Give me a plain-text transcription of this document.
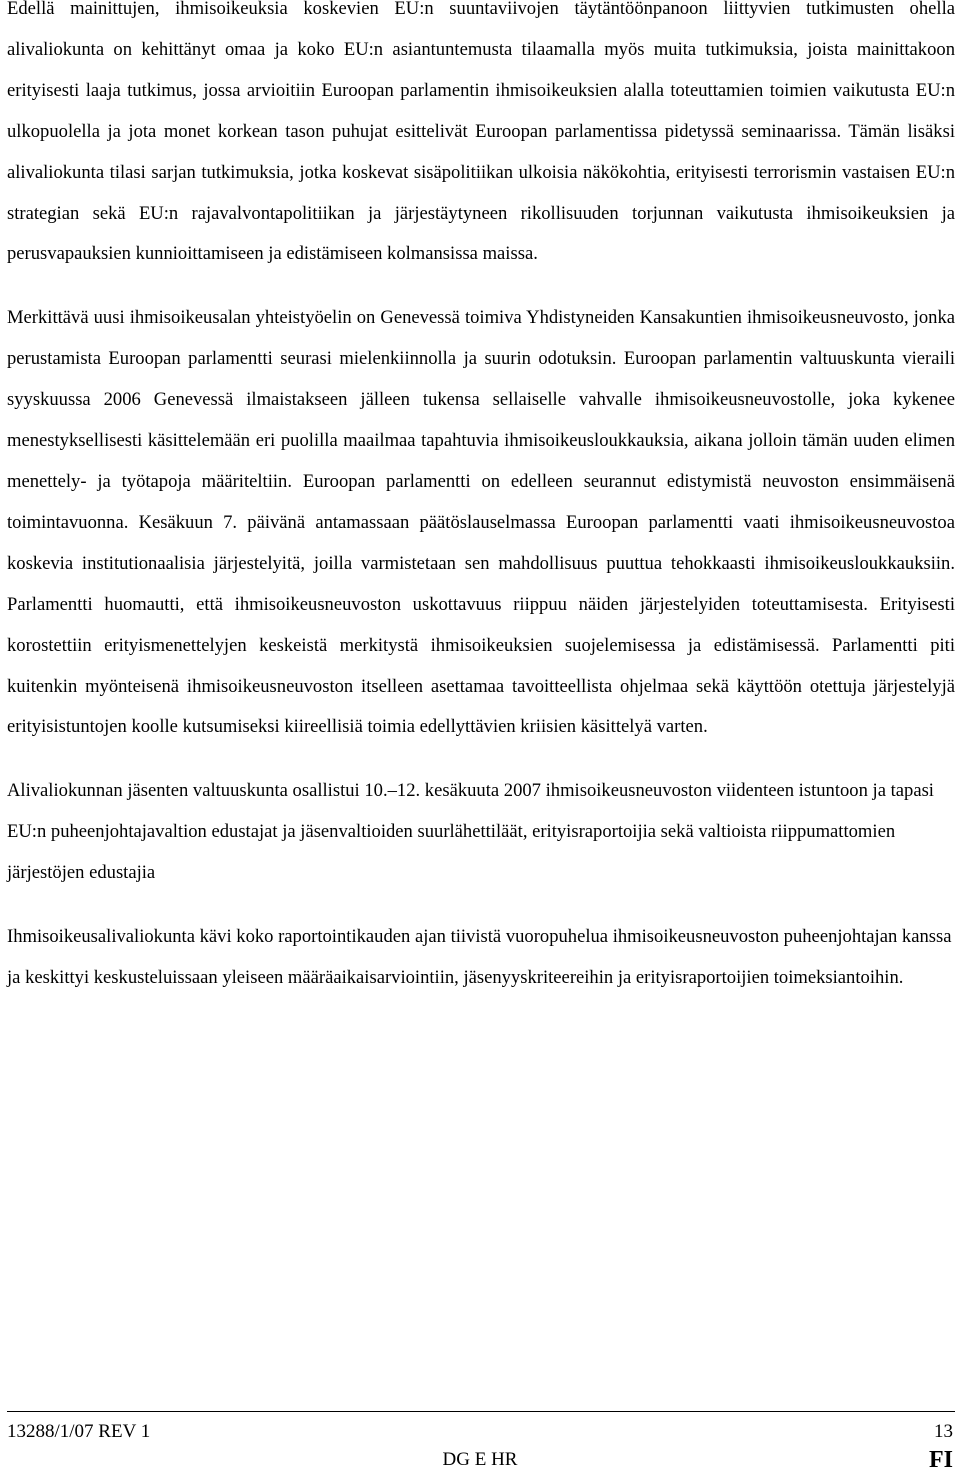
Edellä mainittujen, ihmisoikeuksia koskevien EU:n suuntaviivojen täytäntöönpanoon liittyvien tutkimusten ohella alivaliokunta on kehittänyt omaa ja koko EU:n asiantuntemusta tilaamalla myös muita tutkimuksia, joista mainittakoon erityisesti laaja tutkimus, jossa arvioitiin Euroopan parlamentin ihmisoikeuksien alalla toteuttamien toimien vaikutusta EU:n ulkopuolella ja jota monet korkean tason puhujat esittelivät Euroopan parlamentissa pidetyssä seminaarissa. Tämän lisäksi alivaliokunta tilasi sarjan tutkimuksia, jotka koskevat sisäpolitiikan ulkoisia näkökohtia, erityisesti terrorismin vastaisen EU:n strategian sekä EU:n rajavalvontapolitiikan ja järjestäytyneen rikollisuuden torjunnan vaikutusta ihmisoikeuksien ja perusvapauksien kunnioittamiseen ja edistämiseen kolmansissa maissa.

Merkittävä uusi ihmisoikeusalan yhteistyöelin on Genevessä toimiva Yhdistyneiden Kansakuntien ihmisoikeusneuvosto, jonka perustamista Euroopan parlamentti seurasi mielenkiinnolla ja suurin odotuksin. Euroopan parlamentin valtuuskunta vieraili syyskuussa 2006 Genevessä ilmaistakseen jälleen tukensa sellaiselle vahvalle ihmisoikeusneuvostolle, joka kykenee menestyksellisesti käsittelemään eri puolilla maailmaa tapahtuvia ihmisoikeusloukkauksia, aikana jolloin tämän uuden elimen menettely- ja työtapoja määriteltiin. Euroopan parlamentti on edelleen seurannut edistymistä neuvoston ensimmäisenä toimintavuonna. Kesäkuun 7. päivänä antamassaan päätöslauselmassa Euroopan parlamentti vaati ihmisoikeusneuvostoa koskevia institutionaalisia järjestelyitä, joilla varmistetaan sen mahdollisuus puuttua tehokkaasti ihmisoikeusloukkauksiin. Parlamentti huomautti, että ihmisoikeusneuvoston uskottavuus riippuu näiden järjestelyiden toteuttamisesta. Erityisesti korostettiin erityismenettelyjen keskeistä merkitystä ihmisoikeuksien suojelemisessa ja edistämisessä. Parlamentti piti kuitenkin myönteisenä ihmisoikeusneuvoston itselleen asettamaa tavoitteellista ohjelmaa sekä käyttöön otettuja järjestelyjä erityisistuntojen koolle kutsumiseksi kiireellisiä toimia edellyttävien kriisien käsittelyä varten.

Alivaliokunnan jäsenten valtuuskunta osallistui 10.–12. kesäkuuta 2007 ihmisoikeusneuvoston viidenteen istuntoon ja tapasi EU:n puheenjohtajavaltion edustajat ja jäsenvaltioiden suurlähettiläät, erityisraportoijia sekä valtioista riippumattomien järjestöjen edustajia

Ihmisoikeusalivaliokunta kävi koko raportointikauden ajan tiivistä vuoropuhelua ihmisoikeusneuvoston puheenjohtajan kanssa ja keskittyi keskusteluissaan yleiseen määräaikaisarviointiin, jäsenyyskriteereihin ja erityisraportoijien toimeksiantoihin.

13288/1/07 REV 1	13
DG E HR	FI
